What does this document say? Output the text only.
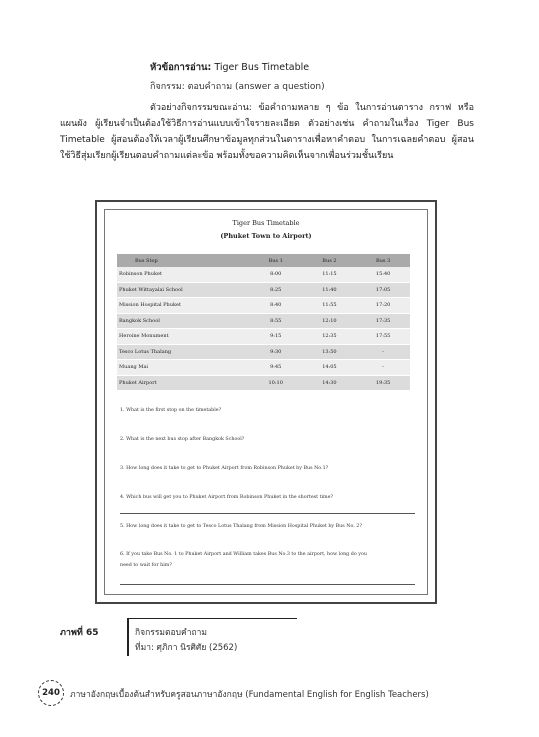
หัวข้อการอ่าน: Tiger Bus Timetable
กิจกรรม: ตอบคำถาม (answer a question)
ตัวอย่างกิจกรรมขณะอ่าน: ข้อคำถามหลาย ๆ ข้อ ในการอ่านตาราง กราฟ หรือแผนผัง ผู้เรียนจำเป็นต้องใช้วิธีการอ่านแบบเข้าใจรายละเอียด ตัวอย่างเช่น คำถามในเรื่อง Tiger Bus Timetable ผู้สอนต้องให้เวลาผู้เรียนศึกษาข้อมูลทุกส่วนในตารางเพื่อหาคำตอบ ในการเฉลยคำตอบ ผู้สอนใช้วิธีสุ่มเรียกผู้เรียนตอบคำถามแต่ละข้อ พร้อมทั้งขอความคิดเห็นจากเพื่อนร่วมชั้นเรียน
Tiger Bus Timetable
(Phuket Town to Airport)
Bus Stop	Bus 1	Bus 2	Bus 3
Robinson Phuket	8:00	11:15	15:40
Phuket Wittayalai School	8:25	11:40	17:05
Mission Hospital Phuket	8:40	11:55	17:20
Bangkok School	8:55	12:10	17:35
Heroine Monument	9:15	12:35	17:55
Tesco Lotus Thalang	9:30	13:50	-
Muang Mai	9:45	14:05	-
Phuket Airport	10:10	14:30	19:35
1. What is the first stop on the timetable?
2. What is the next bus stop after Bangkok School?
3. How long does it take to get to Phuket Airport from Robinson Phuket by Bus No.1?
4. Which bus will get you to Phuket Airport from Robinson Phuket in the shortest time?
5. How long does it take to get to Tesco Lotus Thalang from Mission Hospital Phuket by Bus No. 2?
6. If you take Bus No. 1 to Phuket Airport and William takes Bus No.3 to the airport, how long do you
need to wait for him?
ภาพที่ 65	กิจกรรมตอบคำถาม
ที่มา: ศุภิกา นิรศิศัย (2562)
240 ภาษาอังกฤษเบื้องต้นสำหรับครูสอนภาษาอังกฤษ (Fundamental English for English Teachers)
